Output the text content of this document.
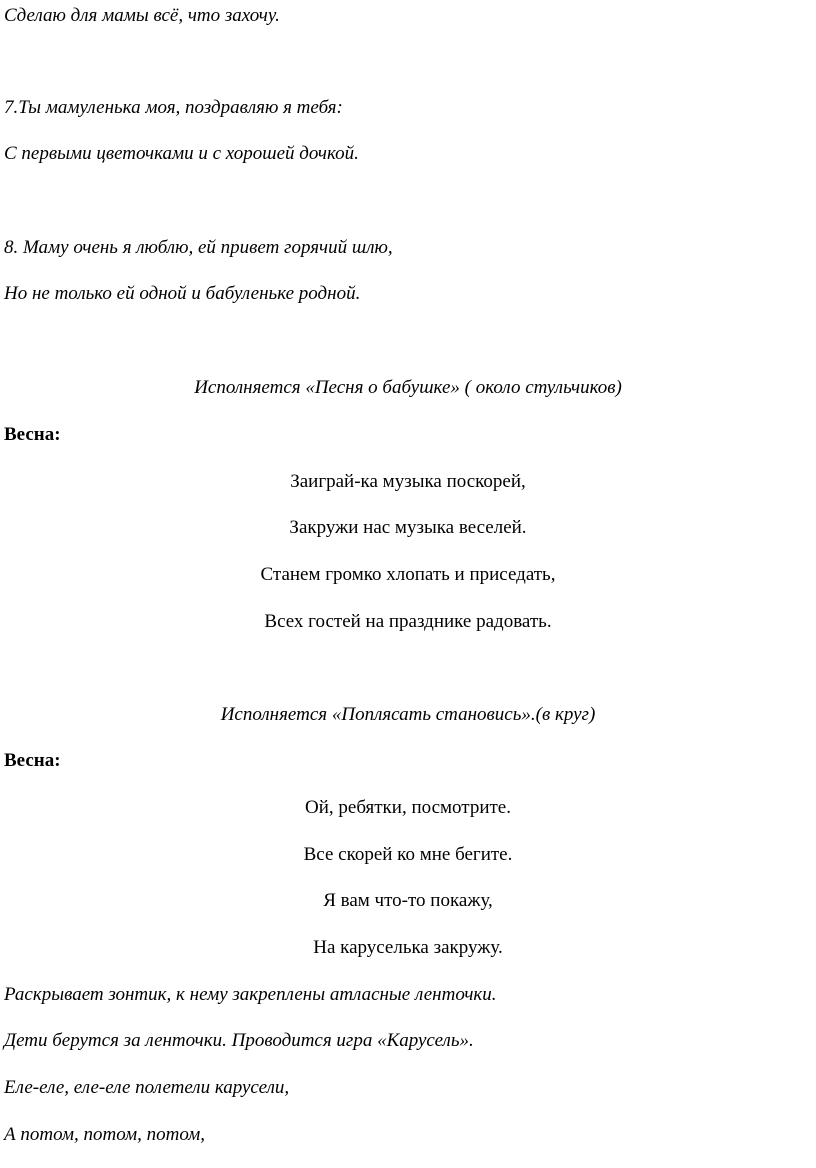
Сделаю для мамы всё, что захочу.
7.Ты мамуленька моя, поздравляю я тебя:
С первыми цветочками и с хорошей дочкой.
8. Маму очень я люблю, ей привет горячий шлю,
Но не только ей одной и бабуленьке родной.
Исполняется «Песня о бабушке» ( около стульчиков)
Весна:
Заиграй-ка музыка поскорей,
Закружи нас музыка веселей.
Станем громко хлопать и приседать,
Всех гостей на празднике радовать.
Исполняется «Поплясать становись».(в круг)
Весна:
Ой, ребятки, посмотрите.
Все скорей ко мне бегите.
Я вам что-то покажу,
На каруселька закружу.
Раскрывает зонтик, к нему закреплены атласные ленточки.
Дети берутся за ленточки. Проводится игра «Карусель».
Еле-еле, еле-еле полетели карусели,
А потом, потом, потом,
